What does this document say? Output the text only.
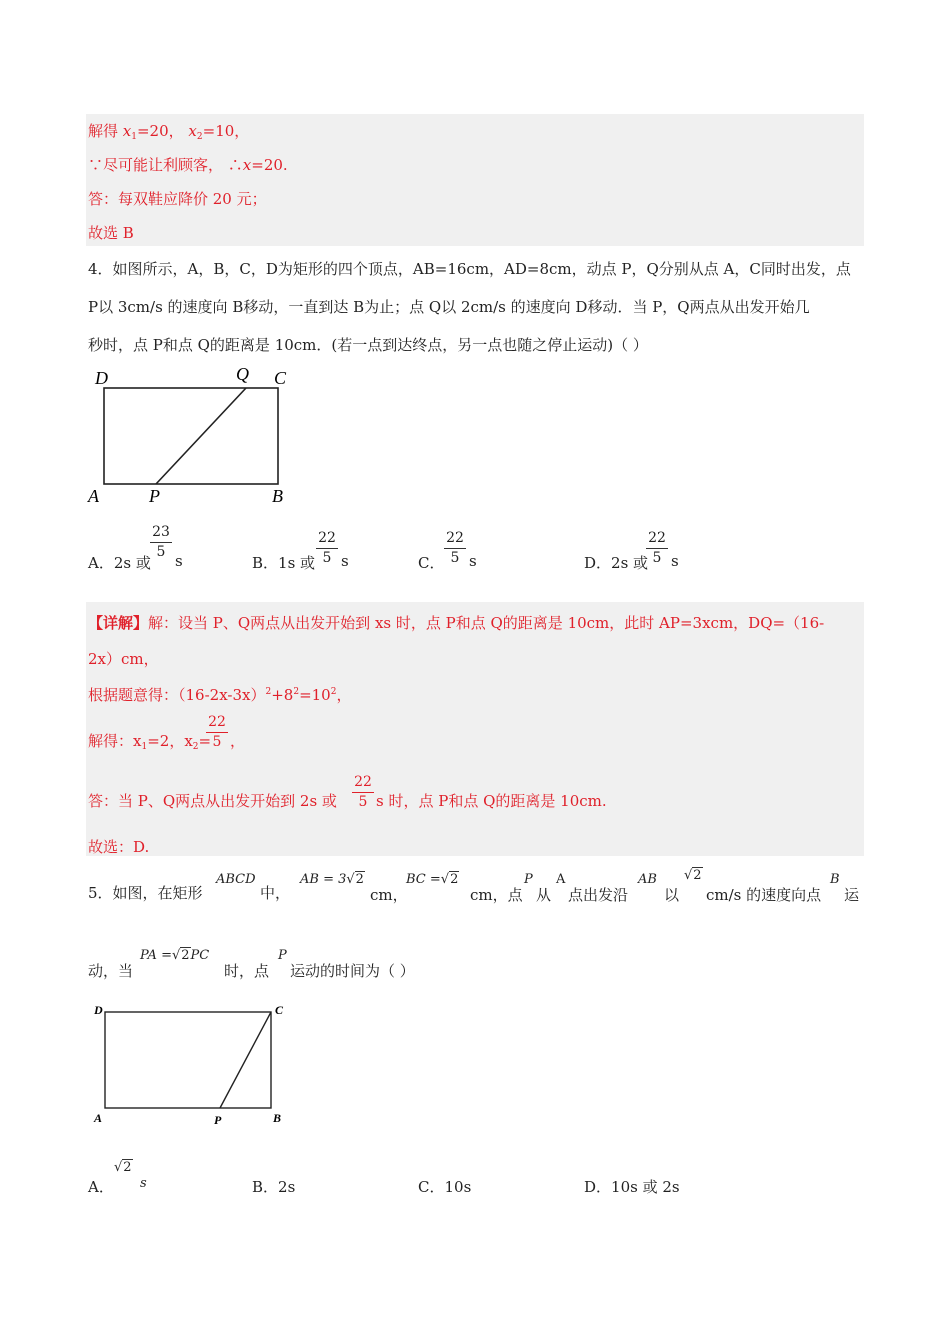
解得 $x_1=20$， $x_2=10$，
∵尽可能让利顾客， ∴x=20.
答：每双鞋应降价 20 元；
故选 B
4．如图所示，A，B，C，D为矩形的四个顶点，AB=16cm，AD=8cm，动点 P，Q分别从点 A，C同时出发，点
P以 3cm/s 的速度向 B移动，一直到达 B为止；点 Q以 2cm/s 的速度向 D移动．当 P，Q两点从出发开始几
秒时，点 P和点 Q的距离是 10cm．(若一点到达终点，另一点也随之停止运动)（ ）
D	Q C
A	P	B
A．2s 或
23
5 s	B．1s 或
22
5 s	C．
22
5 s	D．2s 或
22
5 s
【详解】解：设当 P、Q两点从出发开始到 xs 时，点 P和点 Q的距离是 10cm，此时 AP=3xcm，DQ=（16-
2x）cm，
根据题意得：$(16-2x-3x)^2+8^2=10^2$，
解得：$x_1=2$，$x_2=$
22
5 ，
答：当 P、Q两点从出发开始到 2s 或
22
5 s 时，点 P和点 Q的距离是 10cm.
故选：D.
5．如图，在矩形
ABCD
中，
AB = 3√2
cm，
BC =√2
cm，点
P
从
A
点出发沿
AB
以
√2
cm/s 的速度向点
B
运
动，当
PA =√2PC
时，点
P
运动的时间为（ ）
D	C
A	P	B
A．
√2
s	B．2s	C．10s	D．10s 或 2s
